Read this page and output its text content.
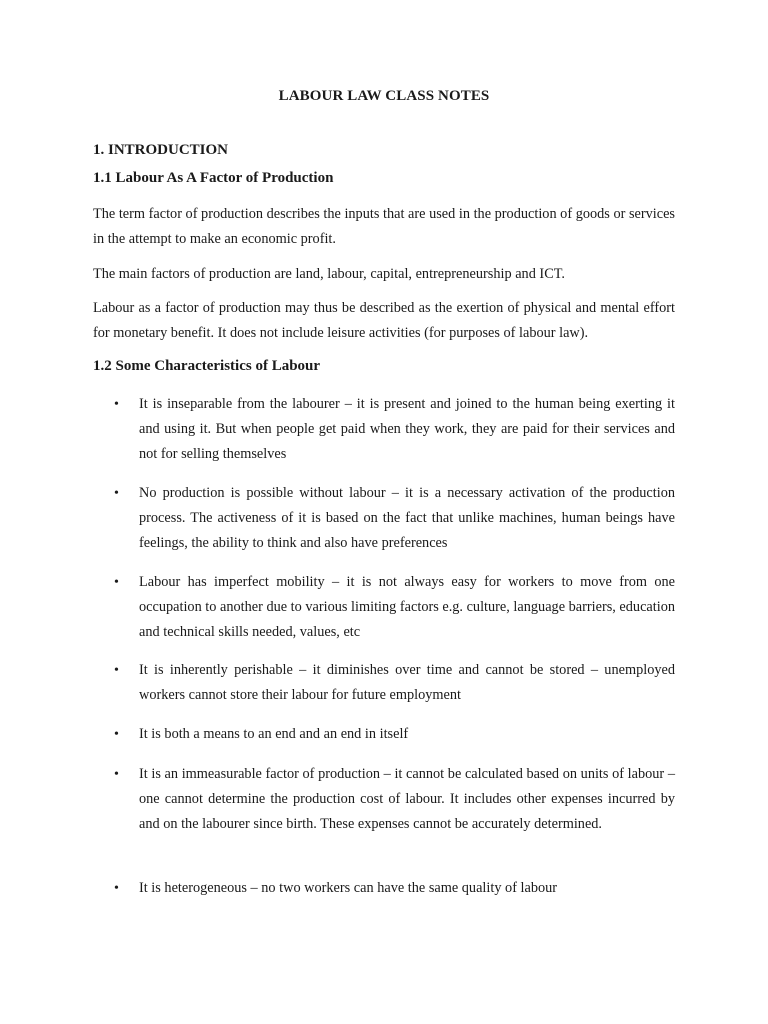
LABOUR LAW CLASS NOTES
1. INTRODUCTION
1.1 Labour As A Factor of Production

The term factor of production describes the inputs that are used in the production of goods or services in the attempt to make an economic profit.

The main factors of production are land, labour, capital, entrepreneurship and ICT.

Labour as a factor of production may thus be described as the exertion of physical and mental effort for monetary benefit. It does not include leisure activities (for purposes of labour law).

1.2 Some Characteristics of Labour
• It is inseparable from the labourer – it is present and joined to the human being exerting it and using it. But when people get paid when they work, they are paid for their services and not for selling themselves
• No production is possible without labour – it is a necessary activation of the production process. The activeness of it is based on the fact that unlike machines, human beings have feelings, the ability to think and also have preferences
• Labour has imperfect mobility – it is not always easy for workers to move from one occupation to another due to various limiting factors e.g. culture, language barriers, education and technical skills needed, values, etc
• It is inherently perishable – it diminishes over time and cannot be stored – unemployed workers cannot store their labour for future employment
• It is both a means to an end and an end in itself
• It is an immeasurable factor of production – it cannot be calculated based on units of labour – one cannot determine the production cost of labour. It includes other expenses incurred by and on the labourer since birth. These expenses cannot be accurately determined.
• It is heterogeneous – no two workers can have the same quality of labour
